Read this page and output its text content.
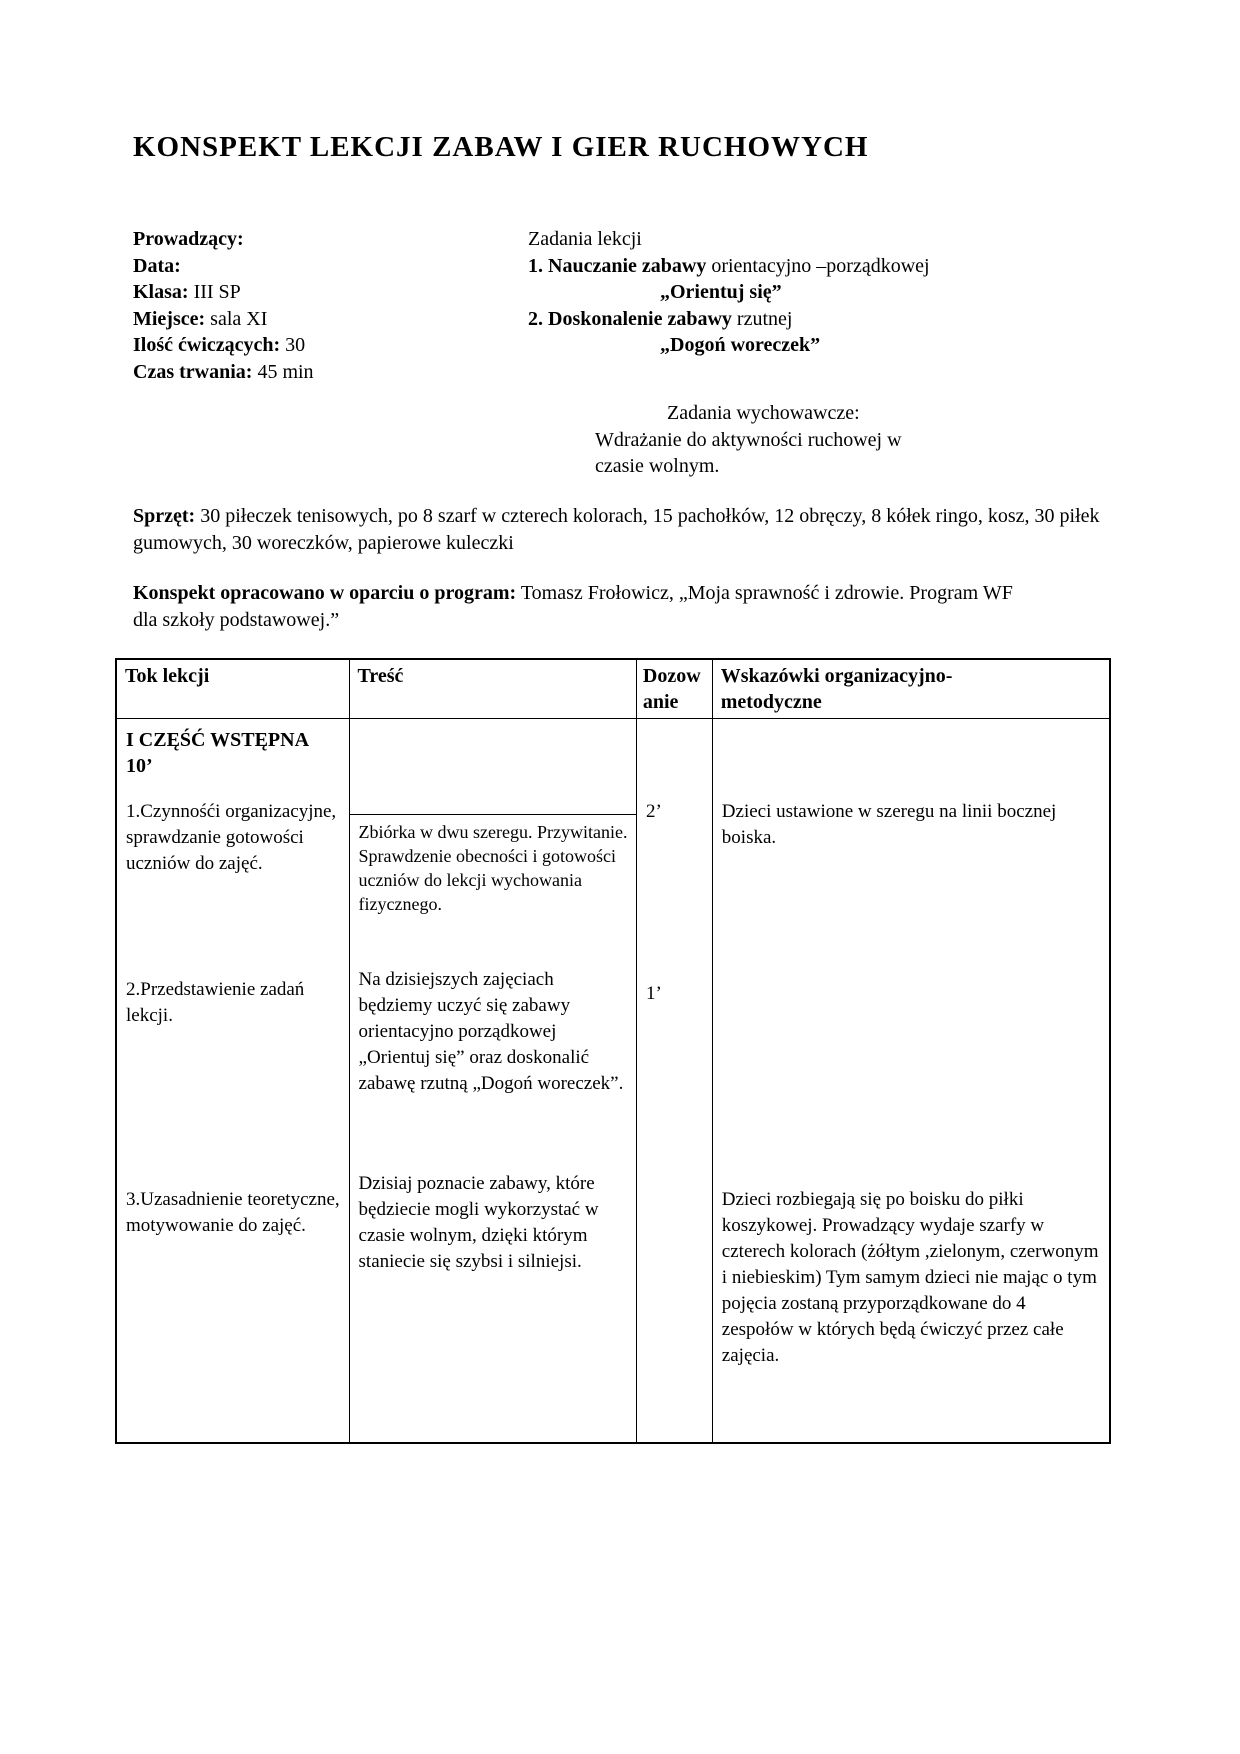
KONSPEKT LEKCJI ZABAW I GIER RUCHOWYCH
Prowadzący:
Data:
Klasa: III SP
Miejsce: sala XI
Ilość ćwiczących: 30
Czas trwania: 45 min
Zadania lekcji
1. Nauczanie zabawy orientacyjno –porządkowej
„Orientuj się”
2. Doskonalenie zabawy rzutnej
„Dogoń woreczek”
Zadania wychowawcze:
Wdrażanie do aktywności ruchowej w
czasie wolnym.

Sprzęt: 30 piłeczek tenisowych, po 8 szarf w czterech kolorach, 15 pachołków, 12 obręczy, 8 kółek ringo, kosz, 30 piłek gumowych, 30 woreczków, papierowe kuleczki

Konspekt opracowano w oparciu o program: Tomasz Frołowicz, „Moja sprawność i zdrowie. Program WF dla szkoły podstawowej.”

Tok lekcji	Treść	Dozow anie
Wskazówki organizacyjno-metodyczne
I CZĘŚĆ WSTĘPNA
10’
1.Czynnośći organizacyjne, sprawdzanie gotowości uczniów do zajęć.
2.Przedstawienie zadań lekcji.
3.Uzasadnienie teoretyczne, motywowanie do zajęć.
Zbiórka w dwu szeregu. Przywitanie. Sprawdzenie obecności i gotowości uczniów do lekcji wychowania fizycznego.
Na dzisiejszych zajęciach będziemy uczyć się zabawy orientacyjno porządkowej „Orientuj się” oraz doskonalić zabawę rzutną „Dogoń woreczek”.
Dzisiaj poznacie zabawy, które będziecie mogli wykorzystać w czasie wolnym, dzięki którym staniecie się szybsi i silniejsi.
2’
1’
Dzieci ustawione w szeregu na linii bocznej boiska.
Dzieci rozbiegają się po boisku do piłki koszykowej. Prowadzący wydaje szarfy w czterech kolorach (żółtym ,zielonym, czerwonym i niebieskim) Tym samym dzieci nie mając o tym pojęcia zostaną przyporządkowane do 4 zespołów w których będą ćwiczyć przez całe zajęcia.
